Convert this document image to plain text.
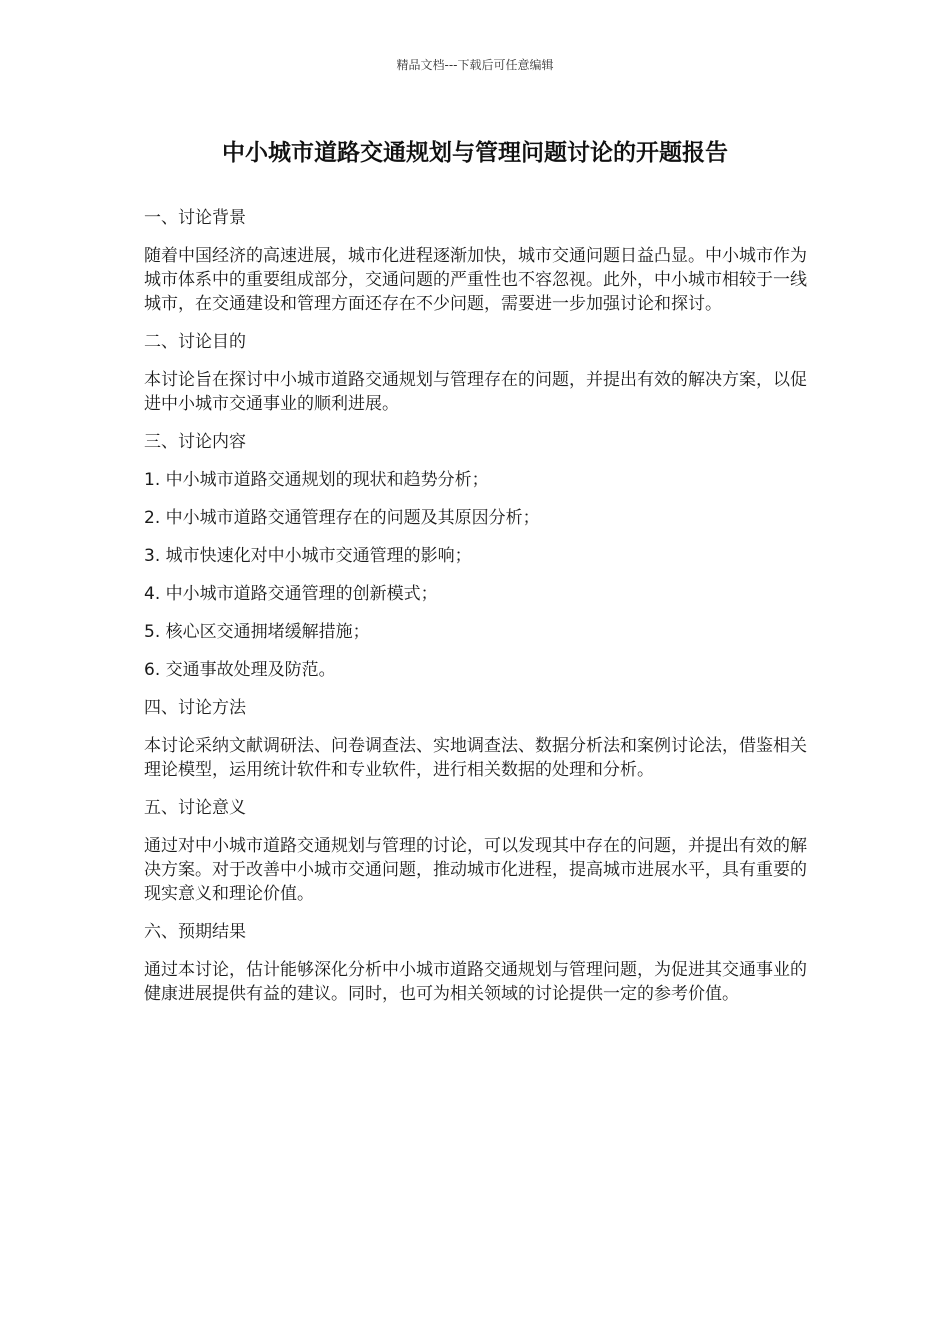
精品文档---下载后可任意编辑
中小城市道路交通规划与管理问题讨论的开题报告

一、讨论背景

随着中国经济的高速进展，城市化进程逐渐加快，城市交通问题日益凸显。中小城市作为城市体系中的重要组成部分，交通问题的严重性也不容忽视。此外，中小城市相较于一线城市，在交通建设和管理方面还存在不少问题，需要进一步加强讨论和探讨。

二、讨论目的

本讨论旨在探讨中小城市道路交通规划与管理存在的问题，并提出有效的解决方案，以促进中小城市交通事业的顺利进展。

三、讨论内容

1. 中小城市道路交通规划的现状和趋势分析；

2. 中小城市道路交通管理存在的问题及其原因分析；

3. 城市快速化对中小城市交通管理的影响；

4. 中小城市道路交通管理的创新模式；

5. 核心区交通拥堵缓解措施；

6. 交通事故处理及防范。

四、讨论方法

本讨论采纳文献调研法、问卷调查法、实地调查法、数据分析法和案例讨论法，借鉴相关理论模型，运用统计软件和专业软件，进行相关数据的处理和分析。

五、讨论意义

通过对中小城市道路交通规划与管理的讨论，可以发现其中存在的问题，并提出有效的解决方案。对于改善中小城市交通问题，推动城市化进程，提高城市进展水平，具有重要的现实意义和理论价值。

六、预期结果

通过本讨论，估计能够深化分析中小城市道路交通规划与管理问题，为促进其交通事业的健康进展提供有益的建议。同时，也可为相关领域的讨论提供一定的参考价值。
